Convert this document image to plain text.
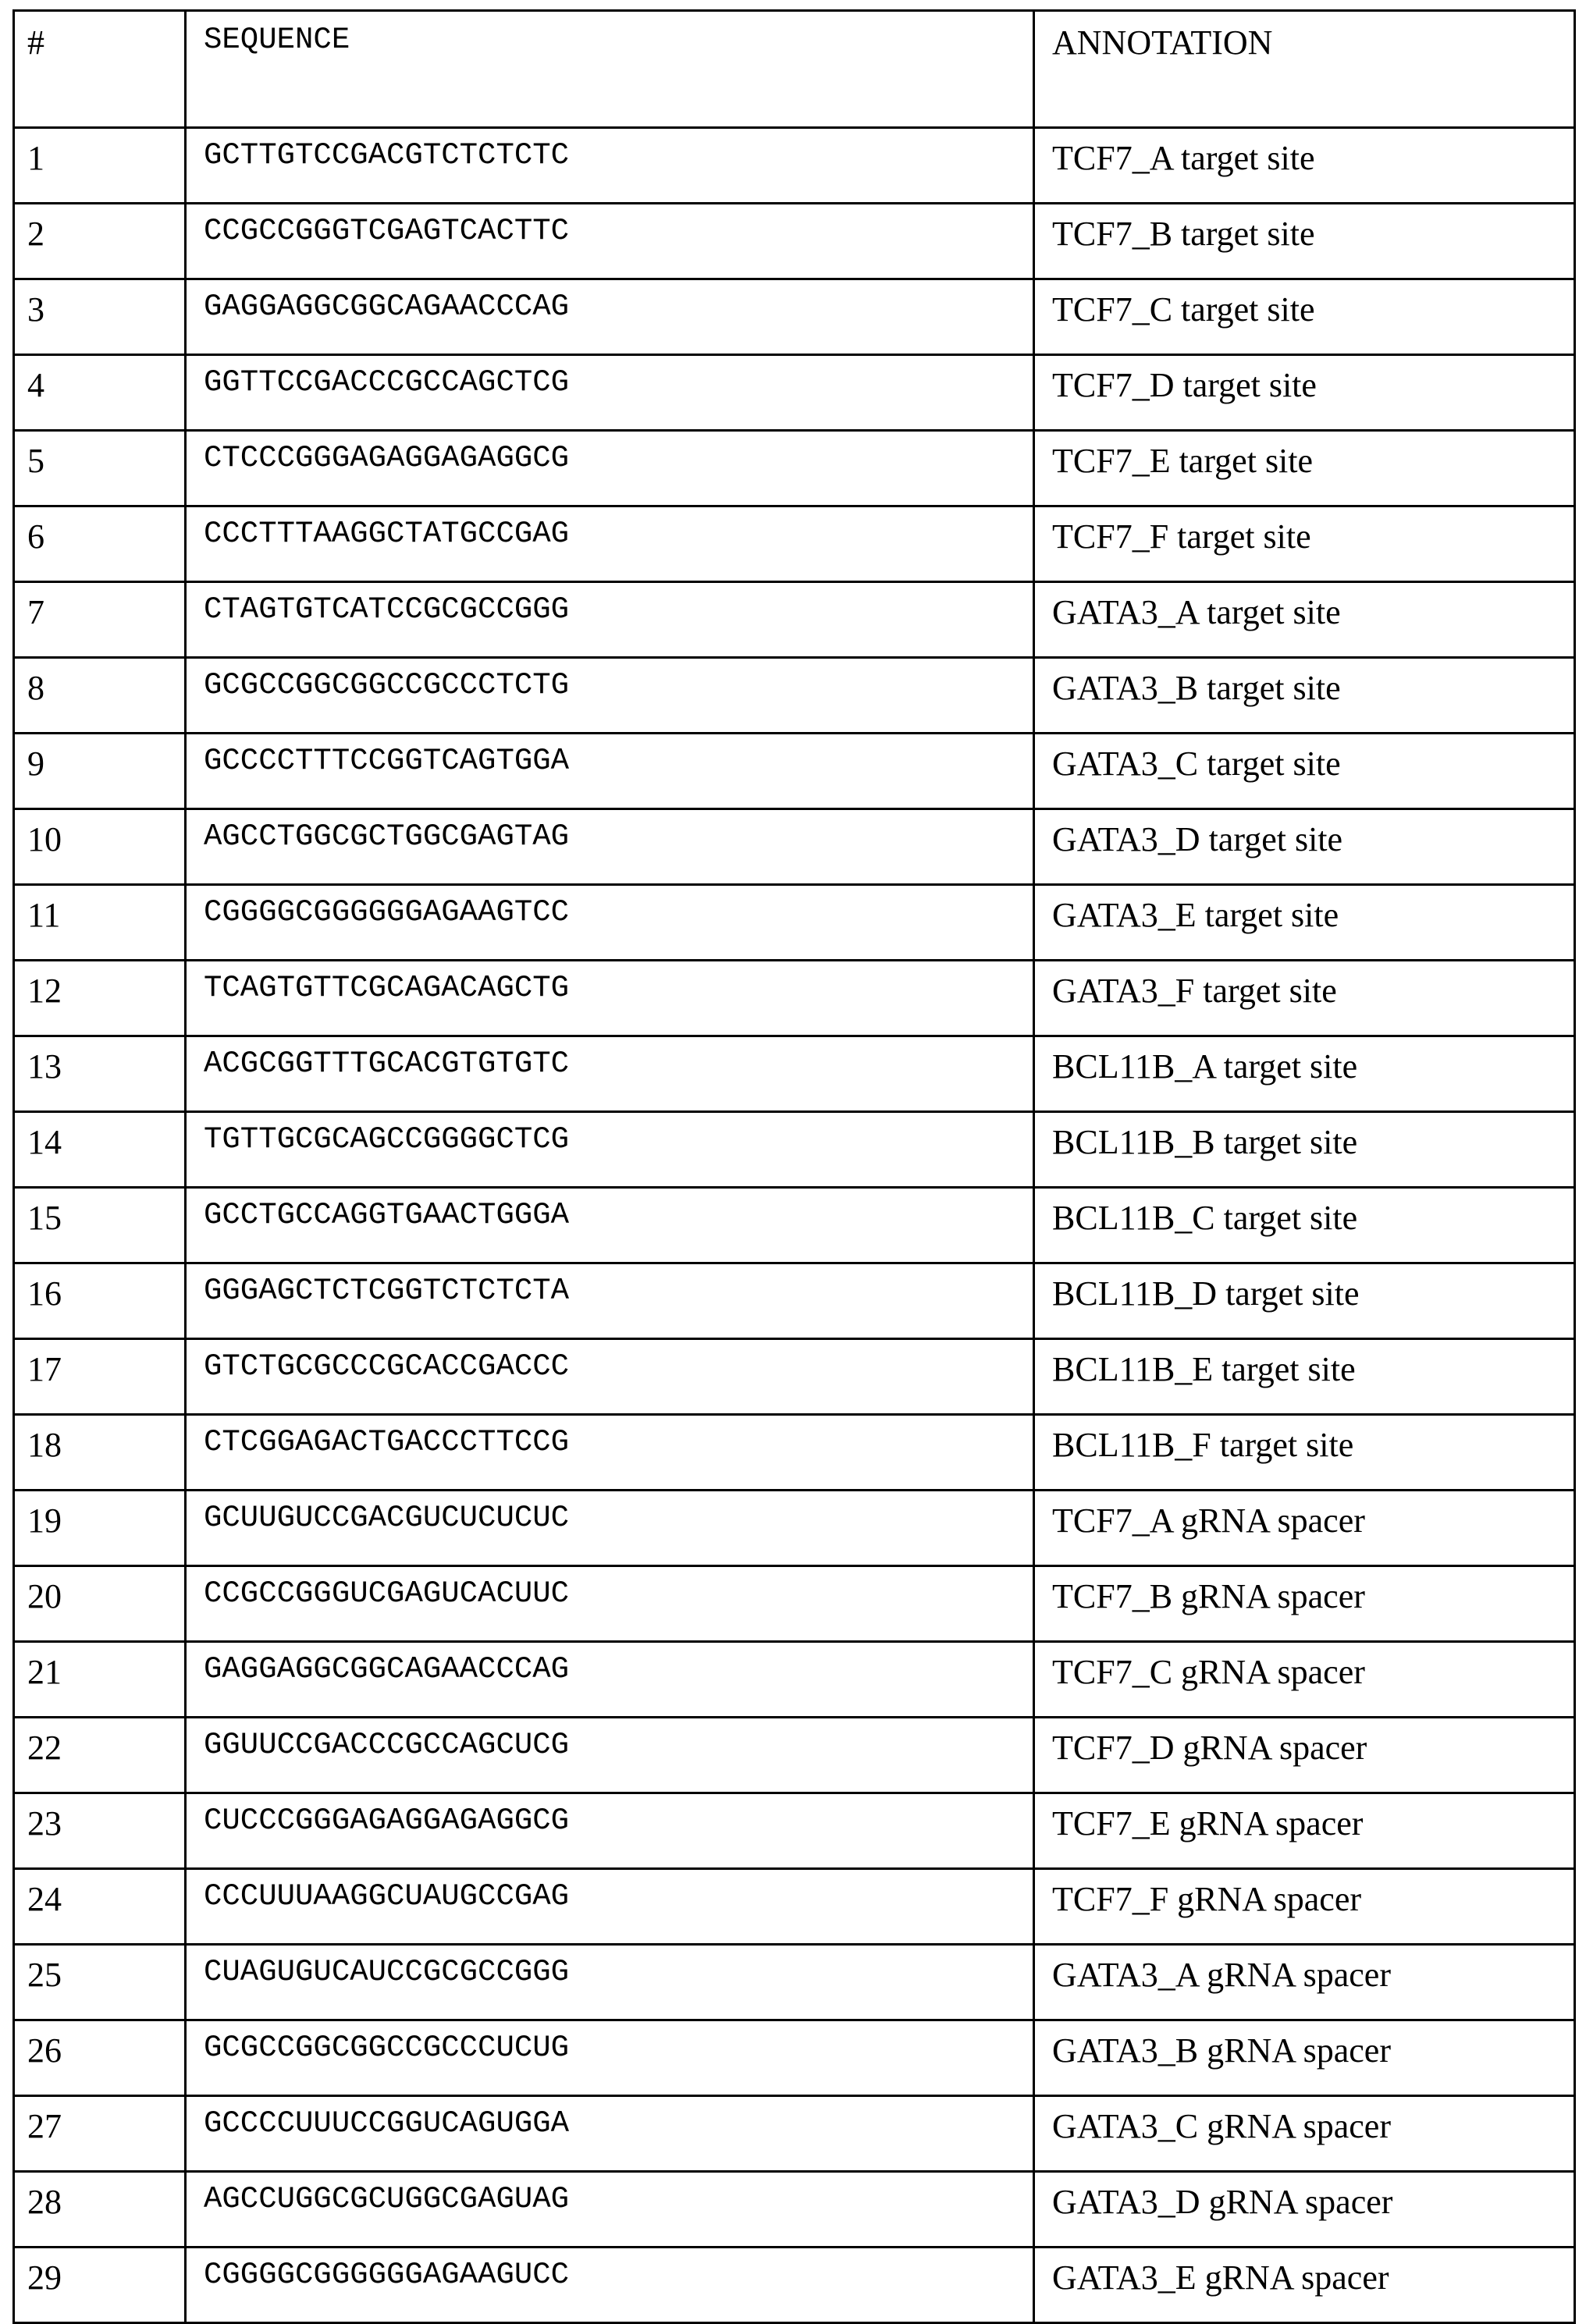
#	SEQUENCE	ANNOTATION
1	GCTTGTCCGACGTCTCTCTC	TCF7_A target site
2	CCGCCGGGTCGAGTCACTTC	TCF7_B target site
3	GAGGAGGCGGCAGAACCCAG	TCF7_C target site
4	GGTTCCGACCCGCCAGCTCG	TCF7_D target site
5	CTCCCGGGAGAGGAGAGGCG	TCF7_E target site
6	CCCTTTAAGGCTATGCCGAG	TCF7_F target site
7	CTAGTGTCATCCGCGCCGGG	GATA3_A target site
8	GCGCCGGCGGCCGCCCTCTG	GATA3_B target site
9	GCCCCTTTCCGGTCAGTGGA	GATA3_C target site
10	AGCCTGGCGCTGGCGAGTAG	GATA3_D target site
11	CGGGGCGGGGGGAGAAGTCC	GATA3_E target site
12	TCAGTGTTCGCAGACAGCTG	GATA3_F target site
13	ACGCGGTTTGCACGTGTGTC	BCL11B_A target site
14	TGTTGCGCAGCCGGGGCTCG	BCL11B_B target site
15	GCCTGCCAGGTGAACTGGGA	BCL11B_C target site
16	GGGAGCTCTCGGTCTCTCTA	BCL11B_D target site
17	GTCTGCGCCCGCACCGACCC	BCL11B_E target site
18	CTCGGAGACTGACCCTTCCG	BCL11B_F target site
19	GCUUGUCCGACGUCUCUCUC	TCF7_A gRNA spacer
20	CCGCCGGGUCGAGUCACUUC	TCF7_B gRNA spacer
21	GAGGAGGCGGCAGAACCCAG	TCF7_C gRNA spacer
22	GGUUCCGACCCGCCAGCUCG	TCF7_D gRNA spacer
23	CUCCCGGGAGAGGAGAGGCG	TCF7_E gRNA spacer
24	CCCUUUAAGGCUAUGCCGAG	TCF7_F gRNA spacer
25	CUAGUGUCAUCCGCGCCGGG	GATA3_A gRNA spacer
26	GCGCCGGCGGCCGCCCUCUG	GATA3_B gRNA spacer
27	GCCCCUUUCCGGUCAGUGGA	GATA3_C gRNA spacer
28	AGCCUGGCGCUGGCGAGUAG	GATA3_D gRNA spacer
29	CGGGGCGGGGGGAGAAGUCC	GATA3_E gRNA spacer
